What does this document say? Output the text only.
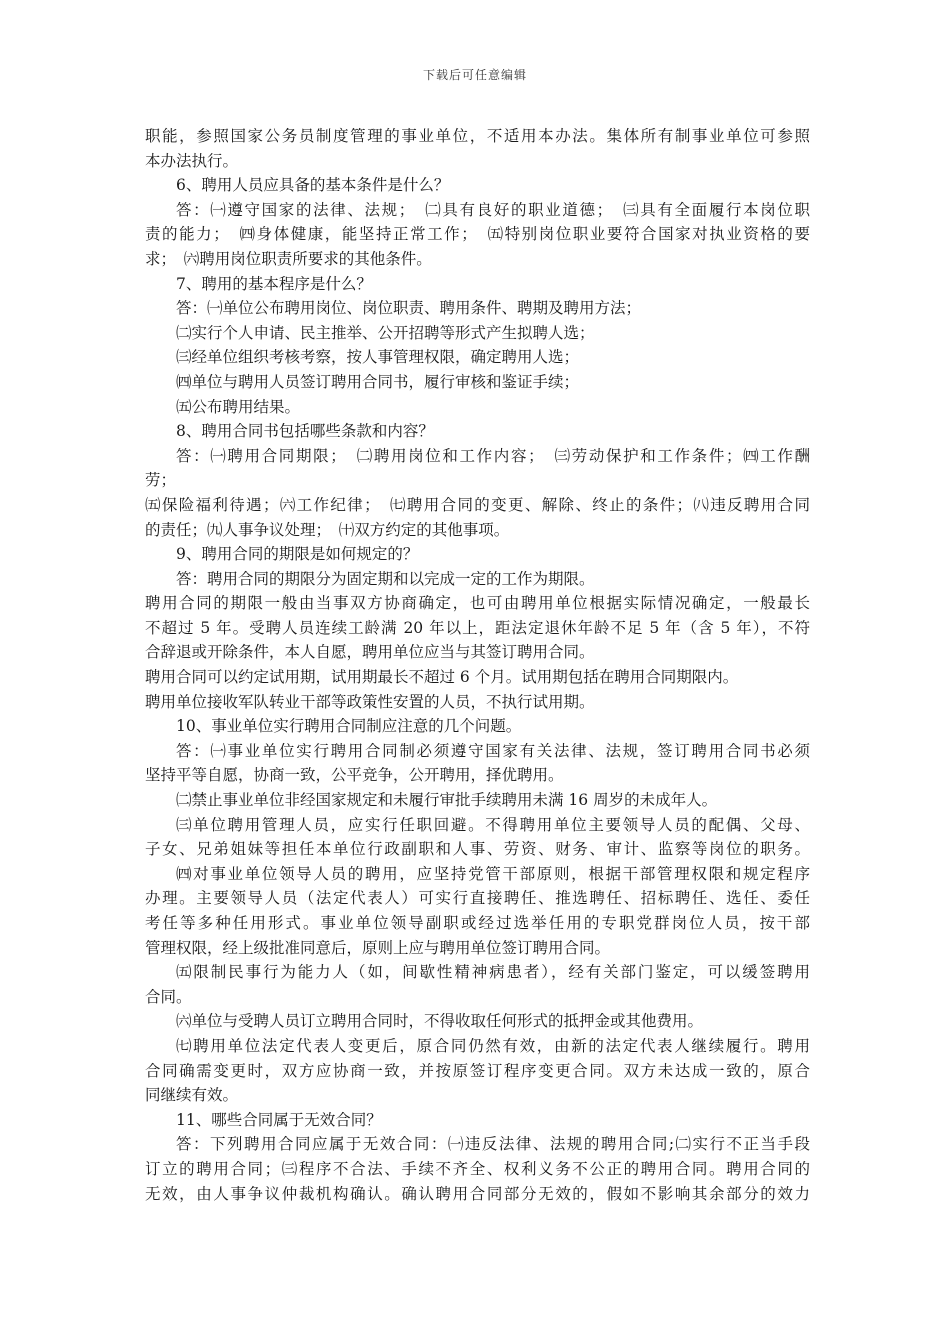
下载后可任意编辑
职能，参照国家公务员制度管理的事业单位，不适用本办法。集体所有制事业单位可参照
本办法执行。
6、聘用人员应具备的基本条件是什么？
答：㈠遵守国家的法律、法规；　㈡具有良好的职业道德；　㈢具有全面履行本岗位职
责的能力；　㈣身体健康，能坚持正常工作；　㈤特别岗位职业要符合国家对执业资格的要
求；　㈥聘用岗位职责所要求的其他条件。
7、聘用的基本程序是什么？
答：㈠单位公布聘用岗位、岗位职责、聘用条件、聘期及聘用方法；
㈡实行个人申请、民主推举、公开招聘等形式产生拟聘人选；
㈢经单位组织考核考察，按人事管理权限，确定聘用人选；
㈣单位与聘用人员签订聘用合同书，履行审核和鉴证手续；
㈤公布聘用结果。
8、聘用合同书包括哪些条款和内容？
答：㈠聘用合同期限；　㈡聘用岗位和工作内容；　㈢劳动保护和工作条件；㈣工作酬
劳；
㈤保险福利待遇；㈥工作纪律；　㈦聘用合同的变更、解除、终止的条件；㈧违反聘用合同
的责任；㈨人事争议处理；　㈩双方约定的其他事项。
9、聘用合同的期限是如何规定的？
答：聘用合同的期限分为固定期和以完成一定的工作为期限。
聘用合同的期限一般由当事双方协商确定，也可由聘用单位根据实际情况确定，一般最长
不超过 5 年。受聘人员连续工龄满 20 年以上，距法定退休年龄不足 5 年（含 5 年），不符
合辞退或开除条件，本人自愿，聘用单位应当与其签订聘用合同。
聘用合同可以约定试用期，试用期最长不超过 6 个月。试用期包括在聘用合同期限内。
聘用单位接收军队转业干部等政策性安置的人员，不执行试用期。
10、事业单位实行聘用合同制应注意的几个问题。
答：㈠事业单位实行聘用合同制必须遵守国家有关法律、法规，签订聘用合同书必须
坚持平等自愿，协商一致，公平竞争，公开聘用，择优聘用。
㈡禁止事业单位非经国家规定和未履行审批手续聘用未满 16 周岁的未成年人。
㈢单位聘用管理人员，应实行任职回避。不得聘用单位主要领导人员的配偶、父母、
子女、兄弟姐妹等担任本单位行政副职和人事、劳资、财务、审计、监察等岗位的职务。
㈣对事业单位领导人员的聘用，应坚持党管干部原则，根据干部管理权限和规定程序
办理。主要领导人员（法定代表人）可实行直接聘任、推选聘任、招标聘任、选任、委任
考任等多种任用形式。事业单位领导副职或经过选举任用的专职党群岗位人员，按干部
管理权限，经上级批准同意后，原则上应与聘用单位签订聘用合同。
㈤限制民事行为能力人（如，间歇性精神病患者），经有关部门鉴定，可以缓签聘用
合同。
㈥单位与受聘人员订立聘用合同时，不得收取任何形式的抵押金或其他费用。
㈦聘用单位法定代表人变更后，原合同仍然有效，由新的法定代表人继续履行。聘用
合同确需变更时，双方应协商一致，并按原签订程序变更合同。双方未达成一致的，原合
同继续有效。
11、哪些合同属于无效合同？
答：下列聘用合同应属于无效合同：㈠违反法律、法规的聘用合同;㈡实行不正当手段
订立的聘用合同；㈢程序不合法、手续不齐全、权利义务不公正的聘用合同。聘用合同的
无效，由人事争议仲裁机构确认。确认聘用合同部分无效的，假如不影响其余部分的效力
